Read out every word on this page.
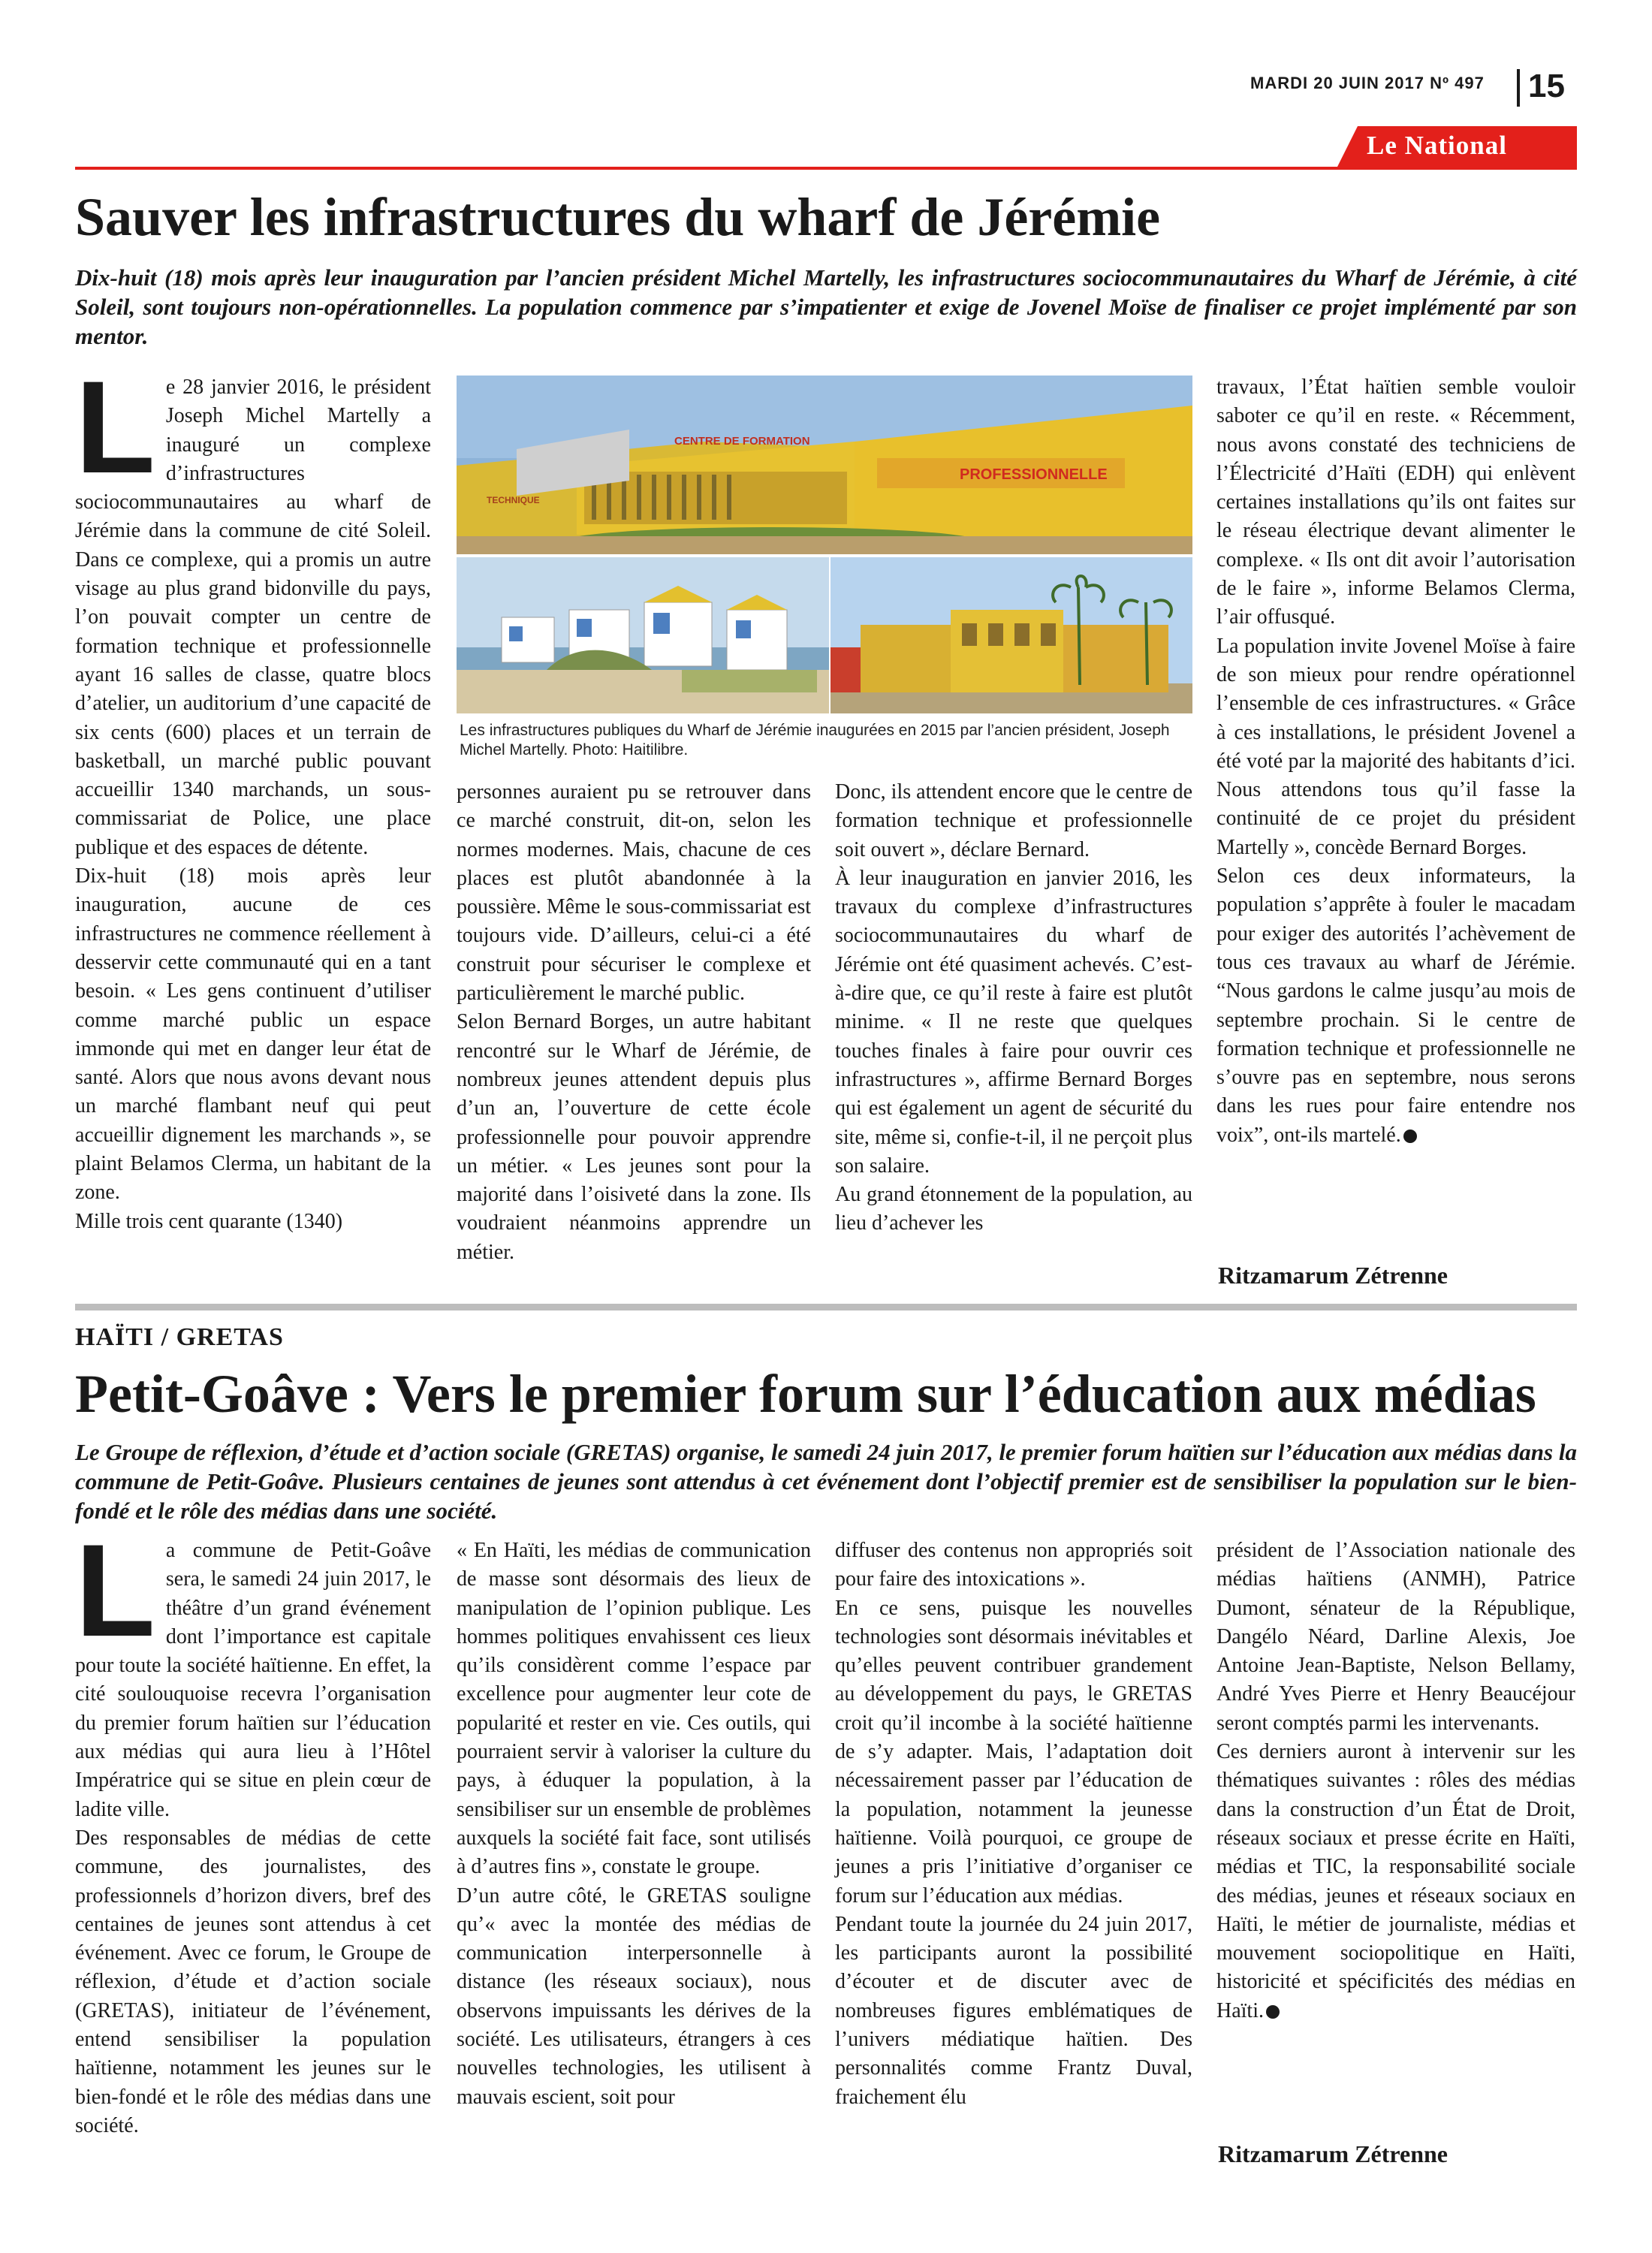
MARDI 20 JUIN 2017 Nº 497 15
Le National
Sauver les infrastructures du wharf de Jérémie
Dix-huit (18) mois après leur inauguration par l’ancien président Michel Martelly, les infrastructures sociocommunautaires du Wharf de Jérémie, à cité Soleil, sont toujours non-opérationnelles. La population commence par s’impatienter et exige de Jovenel Moïse de finaliser ce projet implémenté par son mentor.
L e 28 janvier 2016, le président Joseph Michel Martelly a inauguré un complexe d’infrastructures sociocommunautaires au wharf de Jérémie dans la commune de cité Soleil. Dans ce complexe, qui a promis un autre visage au plus grand bidonville du pays, l’on pouvait compter un centre de formation technique et professionnelle ayant 16 salles de classe, quatre blocs d’atelier, un auditorium d’une capacité de six cents (600) places et un terrain de basketball, un marché public pouvant accueillir 1340 marchands, un sous-commissariat de Police, une place publique et des espaces de détente.

Dix-huit (18) mois après leur inauguration, aucune de ces infrastructures ne commence réellement à desservir cette communauté qui en a tant besoin. « Les gens continuent d’utiliser comme marché public un espace immonde qui met en danger leur état de santé. Alors que nous avons devant nous un marché flambant neuf qui peut accueillir dignement les marchands », se plaint Belamos Clerma, un habitant de la zone.

Mille trois cent quarante (1340)

CENTRE DE FORMATION
PROFESSIONNELLE
TECHNIQUE
Les infrastructures publiques du Wharf de Jérémie inaugurées en 2015 par l’ancien président, Joseph Michel Martelly. Photo: Haitilibre.

personnes auraient pu se retrouver dans ce marché construit, dit-on, selon les normes modernes. Mais, chacune de ces places est plutôt abandonnée à la poussière. Même le sous-commissariat est toujours vide. D’ailleurs, celui-ci a été construit pour sécuriser le complexe et particulièrement le marché public.

Selon Bernard Borges, un autre habitant rencontré sur le Wharf de Jérémie, de nombreux jeunes attendent depuis plus d’un an, l’ouverture de cette école professionnelle pour pouvoir apprendre un métier. « Les jeunes sont pour la majorité dans l’oisiveté dans la zone. Ils voudraient néanmoins apprendre un métier.

Donc, ils attendent encore que le centre de formation technique et professionnelle soit ouvert », déclare Bernard.

À leur inauguration en janvier 2016, les travaux du complexe d’infrastructures sociocommunautaires du wharf de Jérémie ont été quasiment achevés. C’est-à-dire que, ce qu’il reste à faire est plutôt minime. « Il ne reste que quelques touches finales à faire pour ouvrir ces infrastructures », affirme Bernard Borges qui est également un agent de sécurité du site, même si, confie-t-il, il ne perçoit plus son salaire.

Au grand étonnement de la population, au lieu d’achever les

travaux, l’État haïtien semble vouloir saboter ce qu’il en reste. « Récemment, nous avons constaté des techniciens de l’Électricité d’Haïti (EDH) qui enlèvent certaines installations qu’ils ont faites sur le réseau électrique devant alimenter le complexe. « Ils ont dit avoir l’autorisation de le faire », informe Belamos Clerma, l’air offusqué.

La population invite Jovenel Moïse à faire de son mieux pour rendre opérationnel l’ensemble de ces infrastructures. « Grâce à ces installations, le président Jovenel a été voté par la majorité des habitants d’ici. Nous attendons tous qu’il fasse la continuité de ce projet du président Martelly », concède Bernard Borges.

Selon ces deux informateurs, la population s’apprête à fouler le macadam pour exiger des autorités l’achèvement de tous ces travaux au wharf de Jérémie. “Nous gardons le calme jusqu’au mois de septembre prochain. Si le centre de formation technique et professionnelle ne s’ouvre pas en septembre, nous serons dans les rues pour faire entendre nos voix”, ont-ils martelé.

Ritzamarum Zétrenne
HAÏTI / GRETAS
Petit-Goâve : Vers le premier forum sur l’éducation aux médias
Le Groupe de réflexion, d’étude et d’action sociale (GRETAS) organise, le samedi 24 juin 2017, le premier forum haïtien sur l’éducation aux médias dans la commune de Petit-Goâve. Plusieurs centaines de jeunes sont attendus à cet événement dont l’objectif premier est de sensibiliser la population sur le bien-fondé et le rôle des médias dans une société.
L a commune de Petit-Goâve sera, le samedi 24 juin 2017, le théâtre d’un grand événement dont l’importance est capitale pour toute la société haïtienne. En effet, la cité soulouquoise recevra l’organisation du premier forum haïtien sur l’éducation aux médias qui aura lieu à l’Hôtel Impératrice qui se situe en plein cœur de ladite ville.

Des responsables de médias de cette commune, des journalistes, des professionnels d’horizon divers, bref des centaines de jeunes sont attendus à cet événement. Avec ce forum, le Groupe de réflexion, d’étude et d’action sociale (GRETAS), initiateur de l’événement, entend sensibiliser la population haïtienne, notamment les jeunes sur le bien-fondé et le rôle des médias dans une société.

« En Haïti, les médias de communication de masse sont désormais des lieux de manipulation de l’opinion publique. Les hommes politiques envahissent ces lieux qu’ils considèrent comme l’espace par excellence pour augmenter leur cote de popularité et rester en vie. Ces outils, qui pourraient servir à valoriser la culture du pays, à éduquer la population, à la sensibiliser sur un ensemble de problèmes auxquels la société fait face, sont utilisés à d’autres fins », constate le groupe.

D’un autre côté, le GRETAS souligne qu’« avec la montée des médias de communication interpersonnelle à distance (les réseaux sociaux), nous observons impuissants les dérives de la société. Les utilisateurs, étrangers à ces nouvelles technologies, les utilisent à mauvais escient, soit pour

diffuser des contenus non appropriés soit pour faire des intoxications ».

En ce sens, puisque les nouvelles technologies sont désormais inévitables et qu’elles peuvent contribuer grandement au développement du pays, le GRETAS croit qu’il incombe à la société haïtienne de s’y adapter. Mais, l’adaptation doit nécessairement passer par l’éducation de la population, notamment la jeunesse haïtienne. Voilà pourquoi, ce groupe de jeunes a pris l’initiative d’organiser ce forum sur l’éducation aux médias.

Pendant toute la journée du 24 juin 2017, les participants auront la possibilité d’écouter et de discuter avec de nombreuses figures emblématiques de l’univers médiatique haïtien. Des personnalités comme Frantz Duval, fraichement élu

président de l’Association nationale des médias haïtiens (ANMH), Patrice Dumont, sénateur de la République, Dangélo Néard, Darline Alexis, Joe Antoine Jean-Baptiste, Nelson Bellamy, André Yves Pierre et Henry Beaucéjour seront comptés parmi les intervenants.

Ces derniers auront à intervenir sur les thématiques suivantes : rôles des médias dans la construction d’un État de Droit, réseaux sociaux et presse écrite en Haïti, médias et TIC, la responsabilité sociale des médias, jeunes et réseaux sociaux en Haïti, le métier de journaliste, médias et mouvement sociopolitique en Haïti, historicité et spécificités des médias en Haïti.

Ritzamarum Zétrenne
